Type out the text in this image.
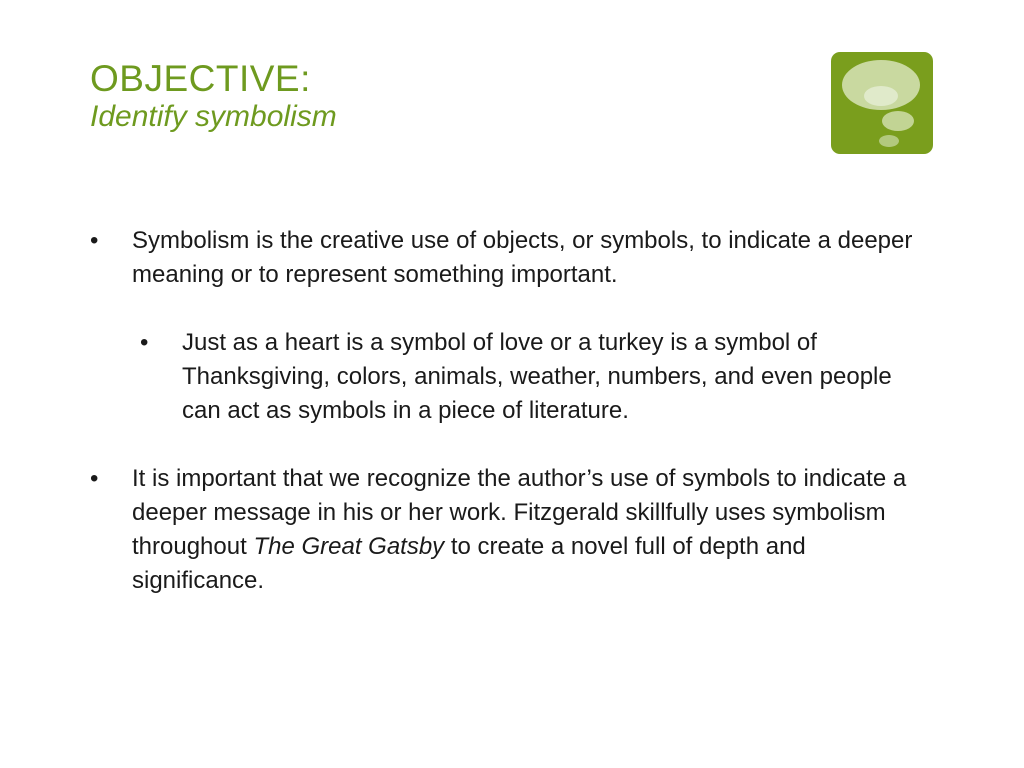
OBJECTIVE:
Identify symbolism
• Symbolism is the creative use of objects, or symbols, to indicate a deeper meaning or to represent something important.
• Just as a heart is a symbol of love or a turkey is a symbol of Thanksgiving, colors, animals, weather, numbers, and even people can act as symbols in a piece of literature.
• It is important that we recognize the author’s use of symbols to indicate a deeper message in his or her work. Fitzgerald skillfully uses symbolism throughout The Great Gatsby to create a novel full of depth and significance.
